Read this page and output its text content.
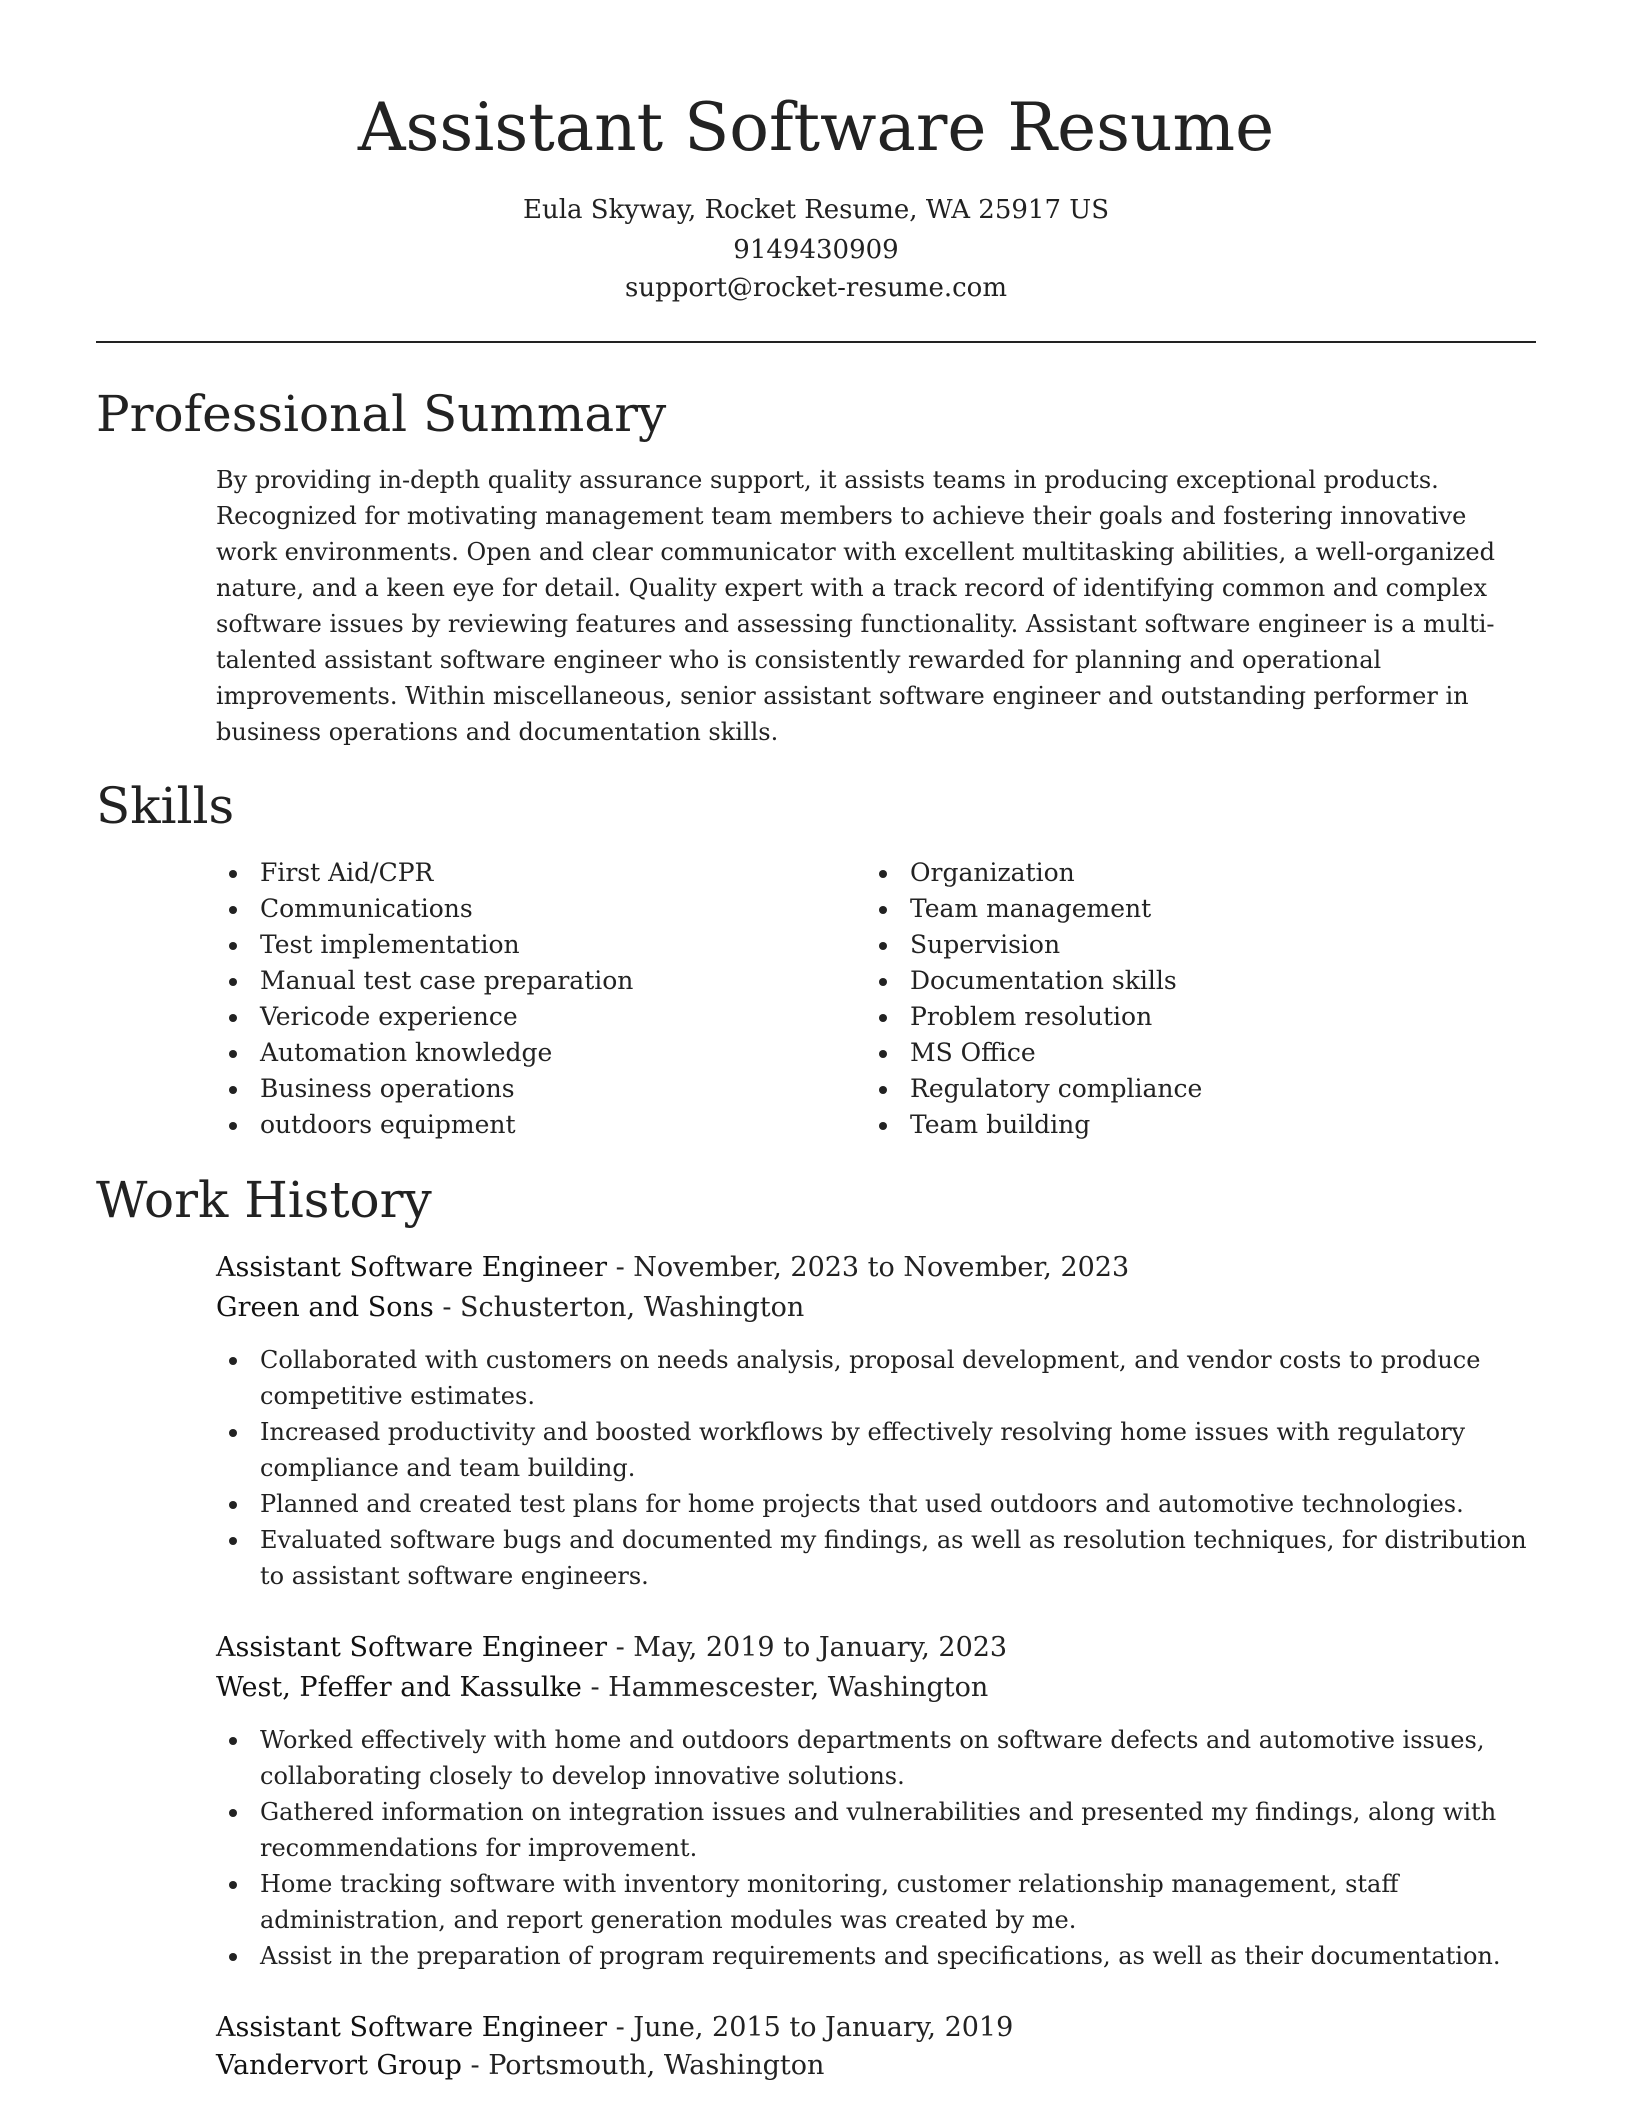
Assistant Software Resume
Eula Skyway, Rocket Resume, WA 25917 US
9149430909
support@rocket-resume.com
Professional Summary

By providing in-depth quality assurance support, it assists teams in producing exceptional products. Recognized for motivating management team members to achieve their goals and fostering innovative work environments. Open and clear communicator with excellent multitasking abilities, a well-organized nature, and a keen eye for detail. Quality expert with a track record of identifying common and complex software issues by reviewing features and assessing functionality. Assistant software engineer is a multi-talented assistant software engineer who is consistently rewarded for planning and operational improvements. Within miscellaneous, senior assistant software engineer and outstanding performer in business operations and documentation skills.

Skills
First Aid/CPR
Communications
Test implementation
Manual test case preparation
Vericode experience
Automation knowledge
Business operations
outdoors equipment
Organization
Team management
Supervision
Documentation skills
Problem resolution
MS Office
Regulatory compliance
Team building
Work History
Assistant Software Engineer - November, 2023 to November, 2023
Green and Sons - Schusterton, Washington
Collaborated with customers on needs analysis, proposal development, and vendor costs to produce competitive estimates.
Increased productivity and boosted workflows by effectively resolving home issues with regulatory compliance and team building.
Planned and created test plans for home projects that used outdoors and automotive technologies.
Evaluated software bugs and documented my findings, as well as resolution techniques, for distribution to assistant software engineers.
Assistant Software Engineer - May, 2019 to January, 2023
West, Pfeffer and Kassulke - Hammescester, Washington
Worked effectively with home and outdoors departments on software defects and automotive issues, collaborating closely to develop innovative solutions.
Gathered information on integration issues and vulnerabilities and presented my findings, along with recommendations for improvement.
Home tracking software with inventory monitoring, customer relationship management, staff administration, and report generation modules was created by me.
Assist in the preparation of program requirements and specifications, as well as their documentation.
Assistant Software Engineer - June, 2015 to January, 2019
Vandervort Group - Portsmouth, Washington
